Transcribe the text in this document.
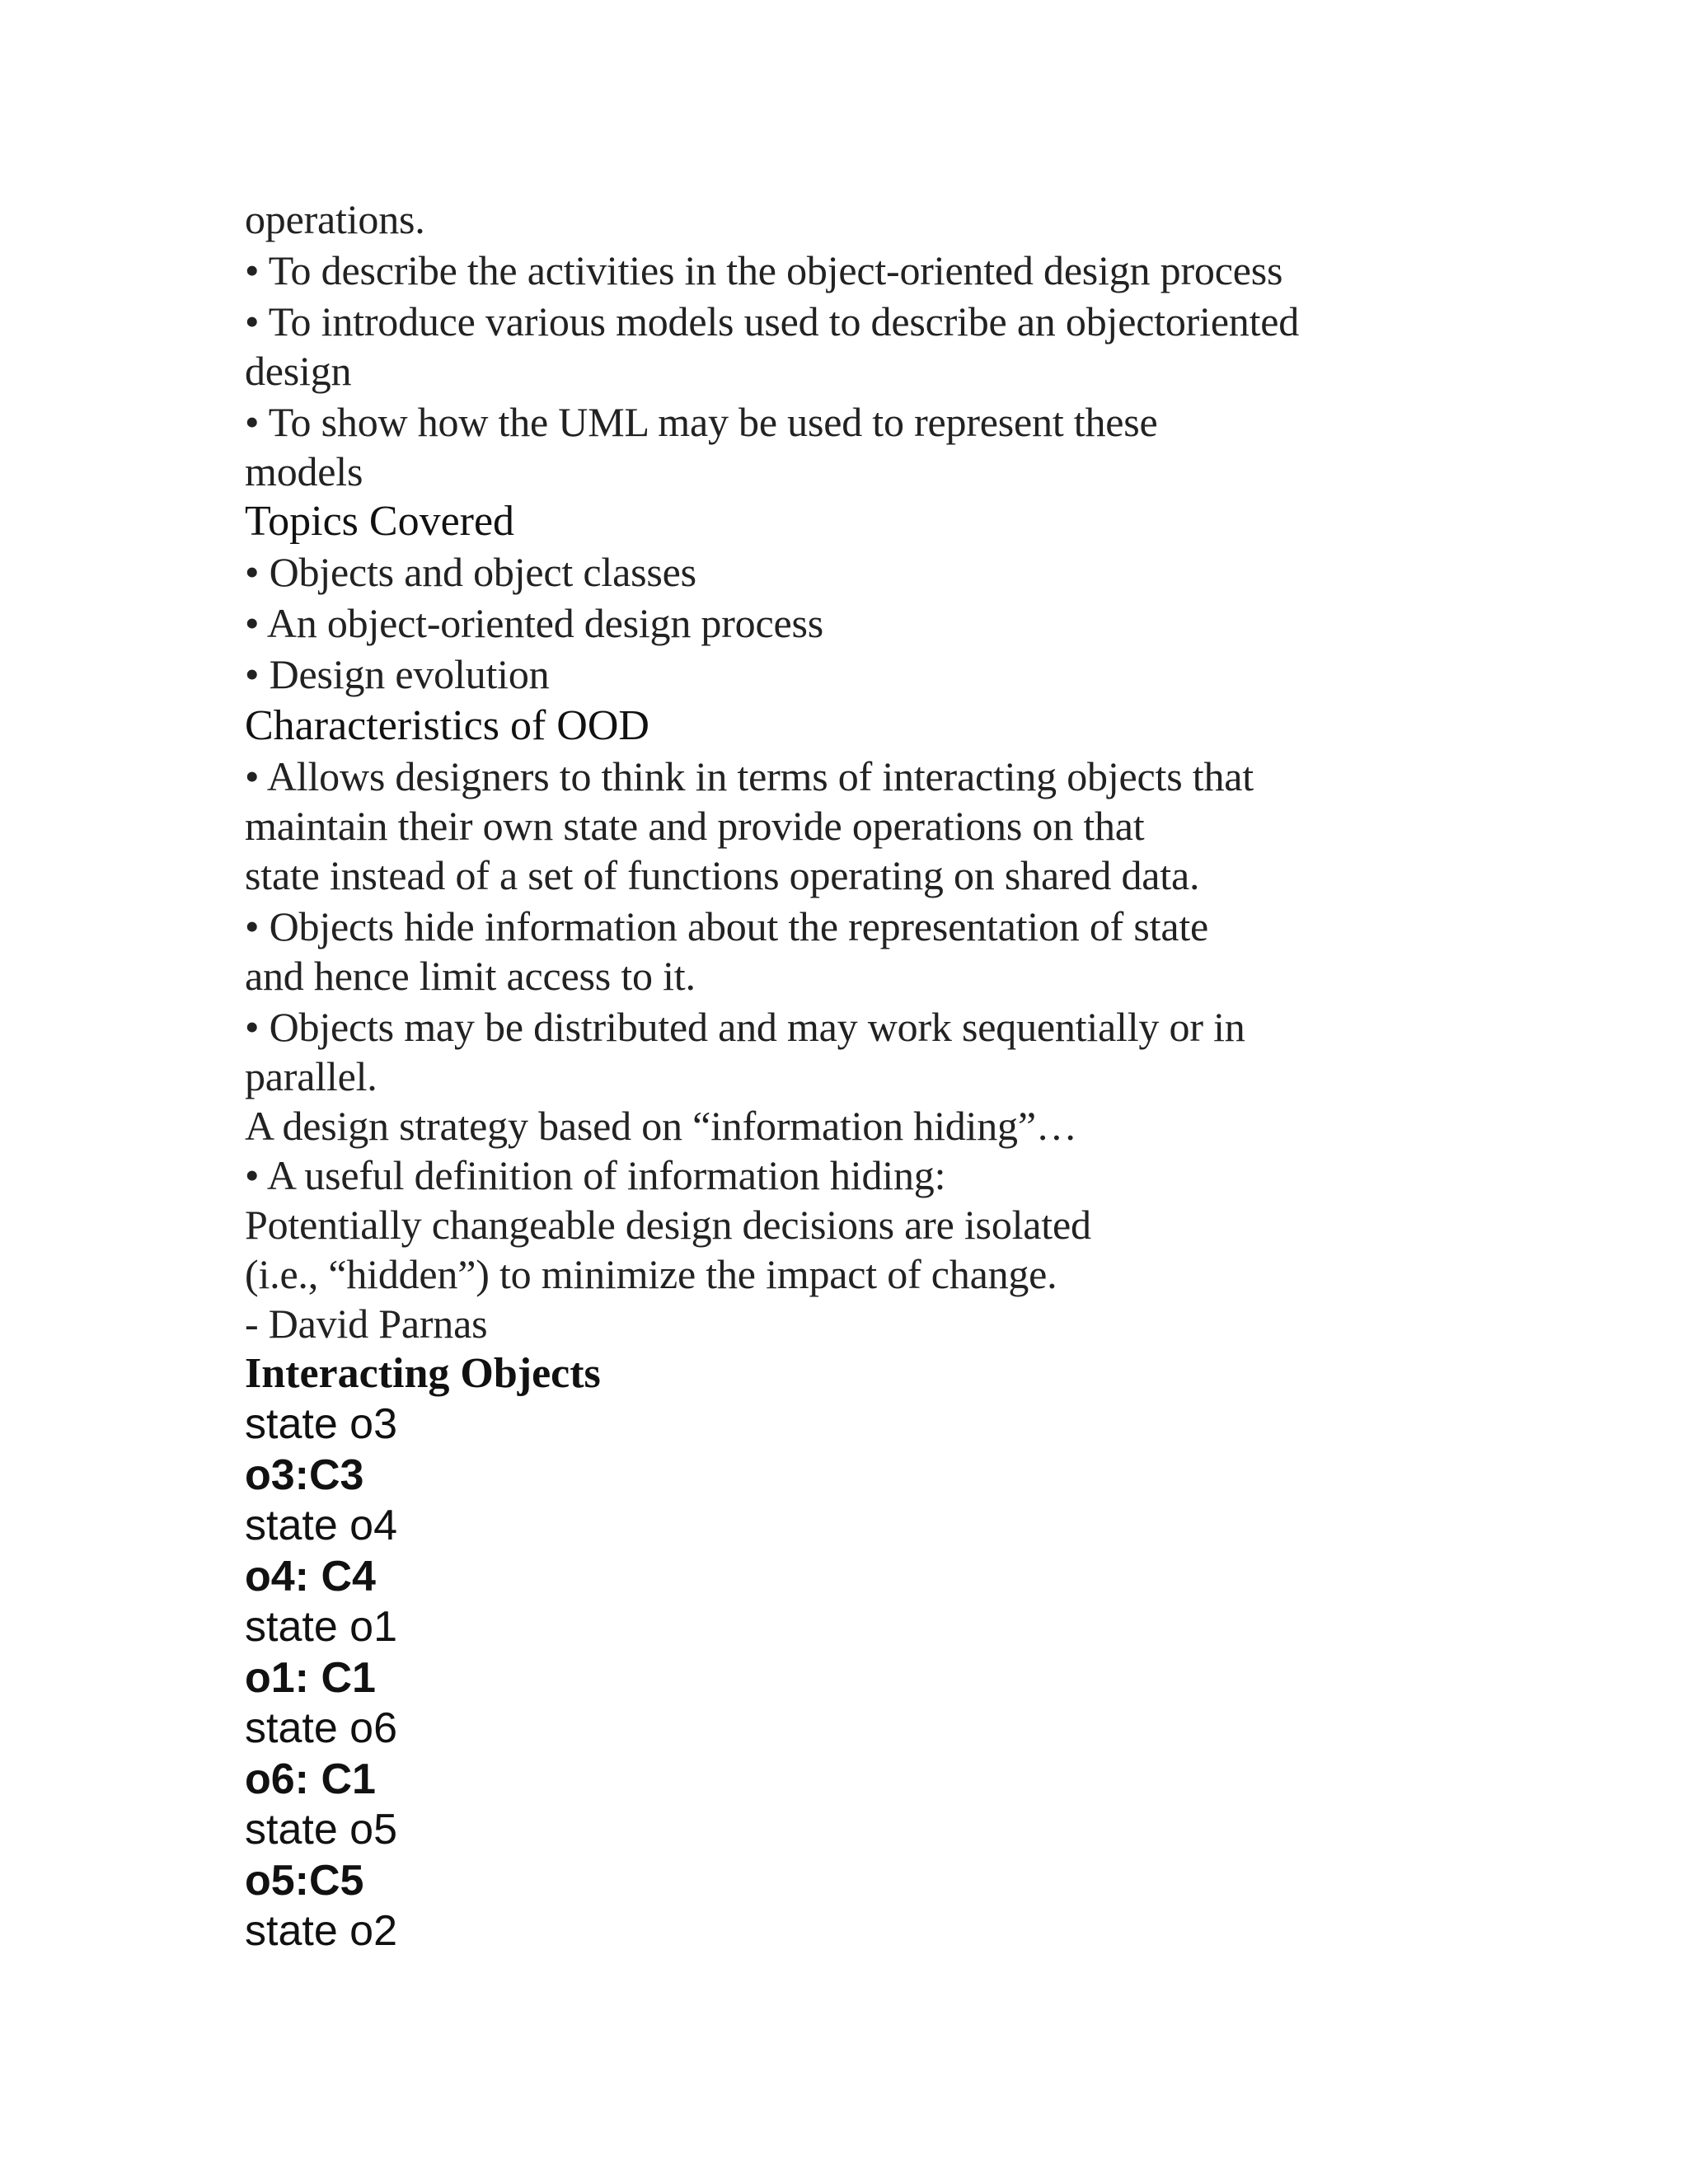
operations.
• To describe the activities in the object-oriented design process
• To introduce various models used to describe an objectoriented
design
• To show how the UML may be used to represent these
models
Topics Covered
• Objects and object classes
• An object-oriented design process
• Design evolution
Characteristics of OOD
• Allows designers to think in terms of interacting objects that
maintain their own state and provide operations on that
state instead of a set of functions operating on shared data.
• Objects hide information about the representation of state
and hence limit access to it.
• Objects may be distributed and may work sequentially or in
parallel.
A design strategy based on “information hiding”…
• A useful definition of information hiding:
Potentially changeable design decisions are isolated
(i.e., “hidden”) to minimize the impact of change.
- David Parnas
Interacting Objects
state o3
o3:C3
state o4
o4: C4
state o1
o1: C1
state o6
o6: C1
state o5
o5:C5
state o2
